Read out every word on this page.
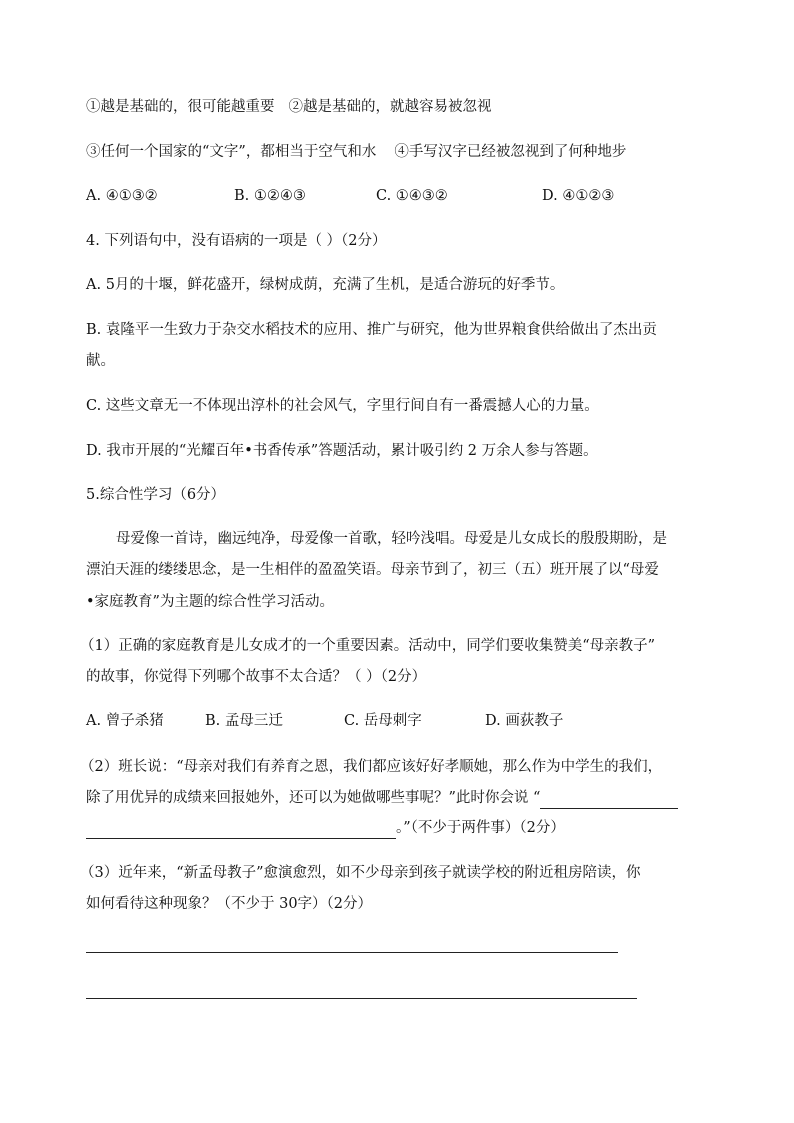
①越是基础的，很可能越重要 ②越是基础的，就越容易被忽视
③任何一个国家的“文字”，都相当于空气和水 ④手写汉字已经被忽视到了何种地步
A. ④①③②	B. ①②④③	C. ①④③②	D. ④①②③
4. 下列语句中，没有语病的一项是（ ）（2分）
A. 5月的十堰，鲜花盛开，绿树成荫，充满了生机，是适合游玩的好季节。
B. 袁隆平一生致力于杂交水稻技术的应用、推广与研究，他为世界粮食供给做出了杰出贡
献。
C. 这些文章无一不体现出淳朴的社会风气，字里行间自有一番震撼人心的力量。
D. 我市开展的“光耀百年•书香传承”答题活动，累计吸引约 2 万余人参与答题。
5.综合性学习（6分）
母爱像一首诗，幽远纯净，母爱像一首歌，轻吟浅唱。母爱是儿女成长的殷殷期盼，是
漂泊天涯的缕缕思念，是一生相伴的盈盈笑语。母亲节到了，初三（五）班开展了以“母爱
•家庭教育”为主题的综合性学习活动。
（1）正确的家庭教育是儿女成才的一个重要因素。活动中，同学们要收集赞美“母亲教子”
的故事，你觉得下列哪个故事不太合适？（ ）（2分）
A. 曾子杀猪	B. 孟母三迁	C. 岳母刺字	D. 画荻教子
（2）班长说：“母亲对我们有养育之恩，我们都应该好好孝顺她，那么作为中学生的我们，
除了用优异的成绩来回报她外，还可以为她做哪些事呢？”此时你会说 “
。”（不少于两件事）（2分）
（3）近年来，“新孟母教子”愈演愈烈，如不少母亲到孩子就读学校的附近租房陪读，你
如何看待这种现象？（不少于 30字）（2分）
